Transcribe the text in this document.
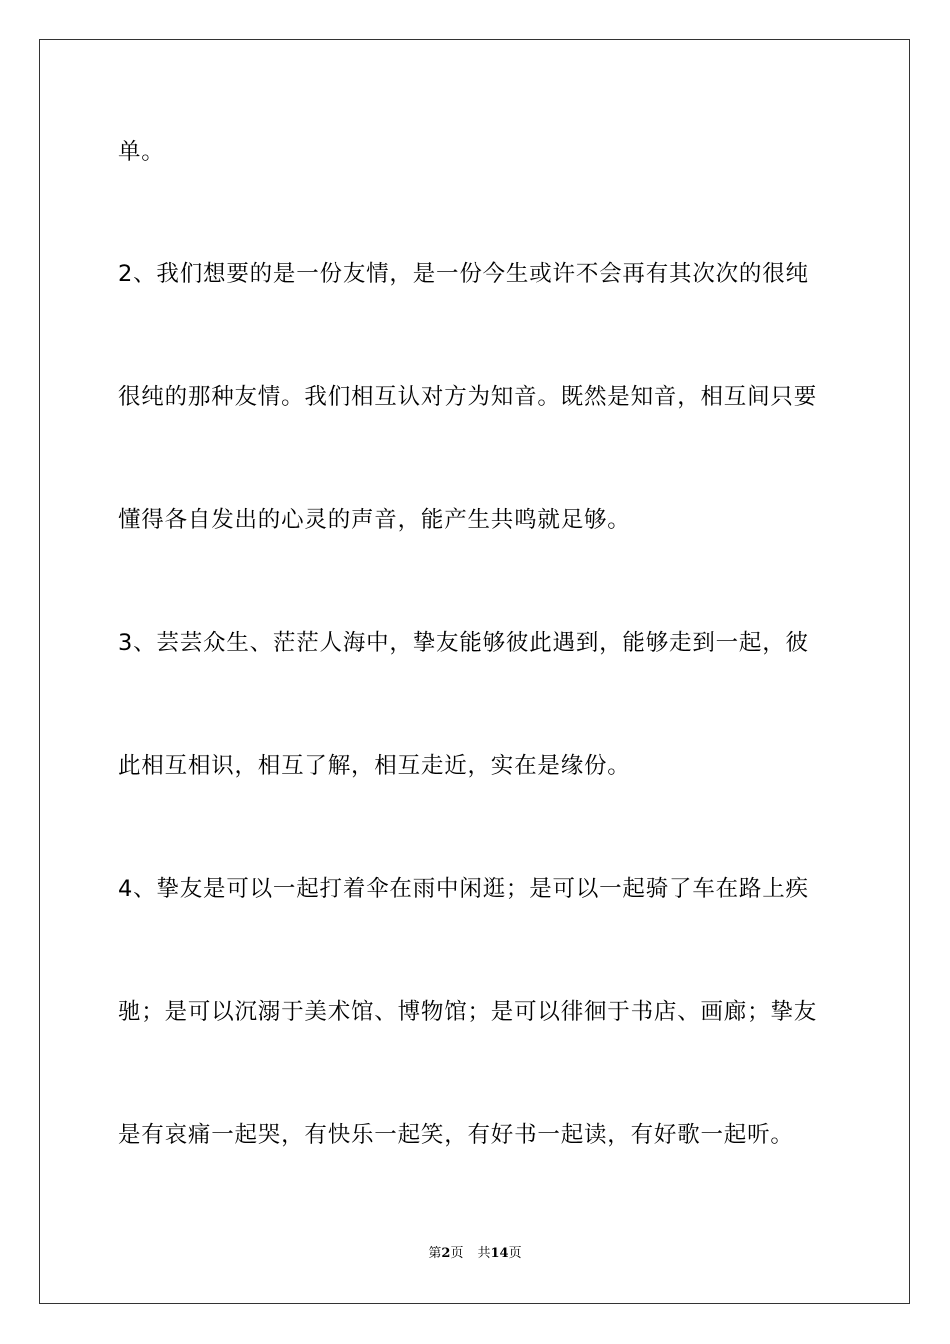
单。

2、我们想要的是一份友情，是一份今生或许不会再有其次次的很纯

很纯的那种友情。我们相互认对方为知音。既然是知音，相互间只要

懂得各自发出的心灵的声音，能产生共鸣就足够。

3、芸芸众生、茫茫人海中，挚友能够彼此遇到，能够走到一起，彼

此相互相识，相互了解，相互走近，实在是缘份。

4、挚友是可以一起打着伞在雨中闲逛；是可以一起骑了车在路上疾

驰；是可以沉溺于美术馆、博物馆；是可以徘徊于书店、画廊；挚友

是有哀痛一起哭，有快乐一起笑，有好书一起读，有好歌一起听。

第2页 共14页
